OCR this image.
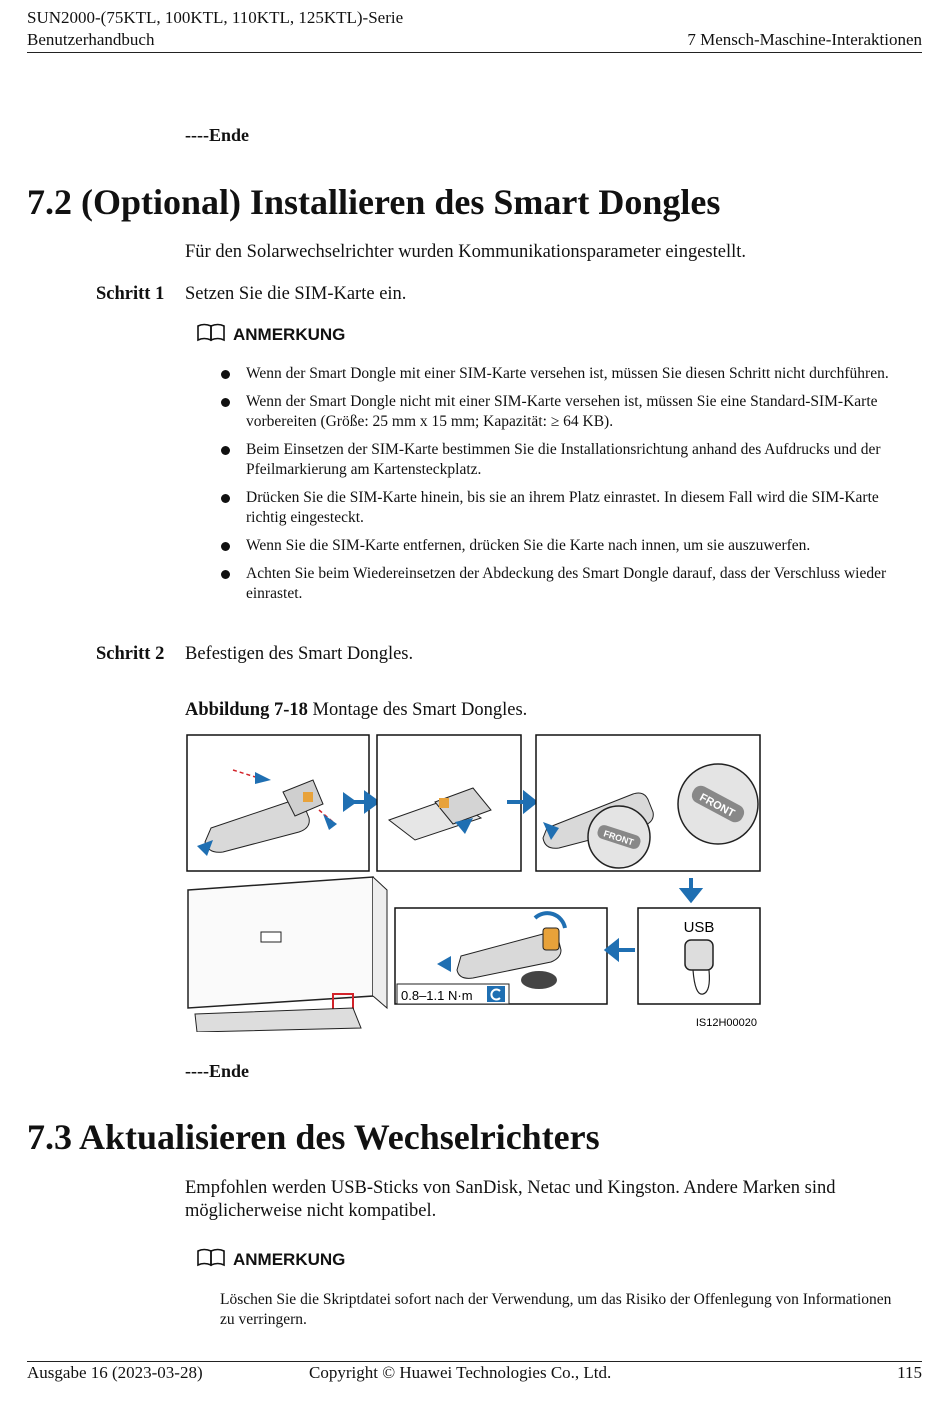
SUN2000-(75KTL, 100KTL, 110KTL, 125KTL)-Serie
Benutzerhandbuch	7 Mensch-Maschine-Interaktionen
----Ende
7.2 (Optional) Installieren des Smart Dongles
Für den Solarwechselrichter wurden Kommunikationsparameter eingestellt.
Schritt 1 Setzen Sie die SIM-Karte ein.
ANMERKUNG
Wenn der Smart Dongle mit einer SIM-Karte versehen ist, müssen Sie diesen Schritt nicht durchführen.
Wenn der Smart Dongle nicht mit einer SIM-Karte versehen ist, müssen Sie eine Standard-SIM-Karte vorbereiten (Größe: 25 mm x 15 mm; Kapazität: ≥ 64 KB).
Beim Einsetzen der SIM-Karte bestimmen Sie die Installationsrichtung anhand des Aufdrucks und der Pfeilmarkierung am Kartensteckplatz.
Drücken Sie die SIM-Karte hinein, bis sie an ihrem Platz einrastet. In diesem Fall wird die SIM-Karte richtig eingesteckt.
Wenn Sie die SIM-Karte entfernen, drücken Sie die Karte nach innen, um sie auszuwerfen.
Achten Sie beim Wiedereinsetzen der Abdeckung des Smart Dongle darauf, dass der Verschluss wieder einrastet.
Schritt 2 Befestigen des Smart Dongles.
Abbildung 7-18 Montage des Smart Dongles.
FRONT
FRONT
0.8–1.1 N·m
USB
IS12H00020
----Ende
7.3 Aktualisieren des Wechselrichters
Empfohlen werden USB-Sticks von SanDisk, Netac und Kingston. Andere Marken sind möglicherweise nicht kompatibel.
ANMERKUNG
Löschen Sie die Skriptdatei sofort nach der Verwendung, um das Risiko der Offenlegung von Informationen zu verringern.
Ausgabe 16 (2023-03-28)	Copyright © Huawei Technologies Co., Ltd.	115
